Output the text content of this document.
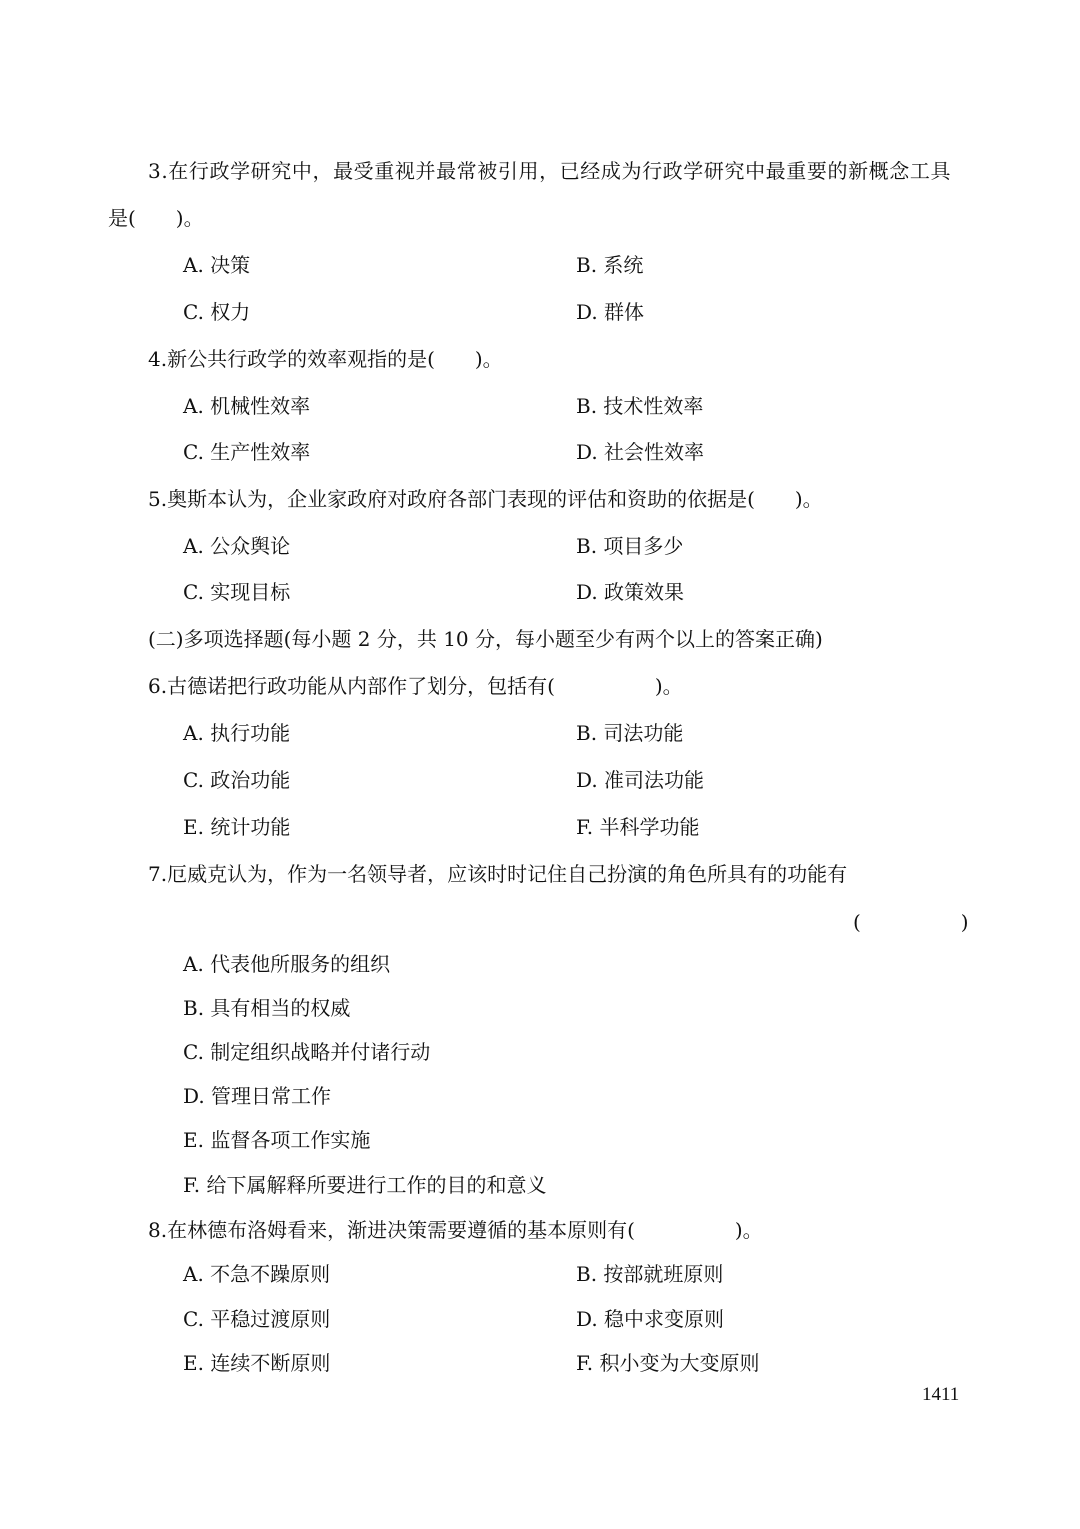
3.在行政学研究中，最受重视并最常被引用，已经成为行政学研究中最重要的新概念工具
是(　　)。
A. 决策	B. 系统
C. 权力	D. 群体
4.新公共行政学的效率观指的是(　　)。
A. 机械性效率	B. 技术性效率
C. 生产性效率	D. 社会性效率
5.奥斯本认为，企业家政府对政府各部门表现的评估和资助的依据是(　　)。
A. 公众舆论	B. 项目多少
C. 实现目标	D. 政策效果
(二)多项选择题(每小题 2 分，共 10 分，每小题至少有两个以上的答案正确)
6.古德诺把行政功能从内部作了划分，包括有(　　　　　)。
A. 执行功能	B. 司法功能
C. 政治功能	D. 准司法功能
E. 统计功能	F. 半科学功能
7.厄威克认为，作为一名领导者，应该时时记住自己扮演的角色所具有的功能有
(　　　　　)
A. 代表他所服务的组织
B. 具有相当的权威
C. 制定组织战略并付诸行动
D. 管理日常工作
E. 监督各项工作实施
F. 给下属解释所要进行工作的目的和意义
8.在林德布洛姆看来，渐进决策需要遵循的基本原则有(　　　　　)。
A. 不急不躁原则	B. 按部就班原则
C. 平稳过渡原则	D. 稳中求变原则
E. 连续不断原则	F. 积小变为大变原则
1411
